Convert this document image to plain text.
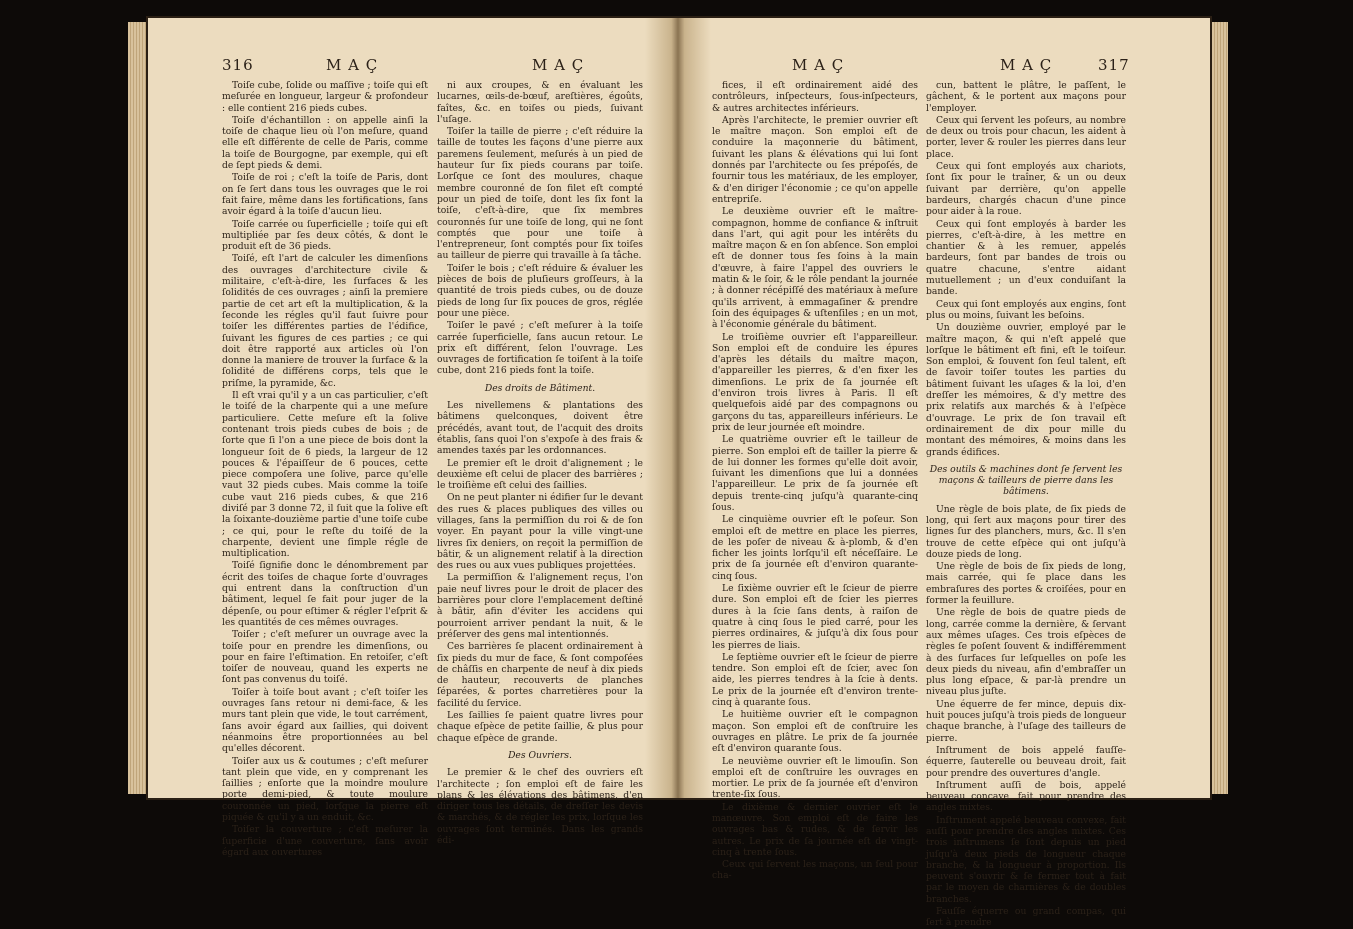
316	M A Ç	M A Ç

Toiſe cube, ſolide ou maſſive ; toiſe qui eſt meſurée en longueur, largeur & profondeur : elle contient 216 pieds cubes.

Toiſe d'échantillon : on appelle ainſi la toiſe de chaque lieu où l'on meſure, quand elle eſt différente de celle de Paris, comme la toiſe de Bourgogne, par exemple, qui eſt de ſept pieds & demi.

Toiſe de roi ; c'eſt la toiſe de Paris, dont on ſe ſert dans tous les ouvrages que le roi fait faire, même dans les fortifications, ſans avoir égard à la toiſe d'aucun lieu.

Toiſe carrée ou ſuperficielle ; toiſe qui eſt multipliée par ſes deux côtés, & dont le produit eſt de 36 pieds.

Toiſé, eſt l'art de calculer les dimenſions des ouvrages d'architecture civile & militaire, c'eſt-à-dire, les ſurfaces & les ſolidités de ces ouvrages ; ainſi la premiere partie de cet art eſt la multiplication, & la ſeconde les régles qu'il faut ſuivre pour toiſer les différentes parties de l'édifice, ſuivant les figures de ces parties ; ce qui doit être rapporté aux articles où l'on donne la maniere de trouver la ſurface & la ſolidité de différens corps, tels que le priſme, la pyramide, &c.

Il eſt vrai qu'il y a un cas particulier, c'eſt le toiſé de la charpente qui a une meſure particuliere. Cette meſure eſt la ſolive contenant trois pieds cubes de bois ; de ſorte que ſi l'on a une piece de bois dont la longueur ſoit de 6 pieds, la largeur de 12 pouces & l'épaiſſeur de 6 pouces, cette piece compoſera une ſolive, parce qu'elle vaut 32 pieds cubes. Mais comme la toiſe cube vaut 216 pieds cubes, & que 216 diviſé par 3 donne 72, il ſuit que la ſolive eſt la ſoixante-douzième partie d'une toiſe cube ; ce qui, pour le reſte du toiſé de la charpente, devient une ſimple régle de multiplication.

Toiſé ſignifie donc le dénombrement par écrit des toiſes de chaque ſorte d'ouvrages qui entrent dans la conſtruction d'un bâtiment, lequel ſe fait pour juger de la dépenſe, ou pour eſtimer & régler l'eſprit & les quantités de ces mêmes ouvrages.

Toiſer ; c'eſt meſurer un ouvrage avec la toiſe pour en prendre les dimenſions, ou pour en faire l'eſtimation. En retoiſer, c'eſt toiſer de nouveau, quand les experts ne ſont pas convenus du toiſé.

Toiſer à toiſe bout avant ; c'eſt toiſer les ouvrages ſans retour ni demi-face, & les murs tant plein que vide, le tout carrément, ſans avoir égard aux ſaillies, qui doivent néanmoins être proportionnées au bel qu'elles décorent.

Toiſer aux us & coutumes ; c'eſt meſurer tant plein que vide, en y comprenant les ſaillies ; enſorte que la moindre moulure porte demi-pied, & toute moulure couronnée un pied, lorſque la pierre eſt piquée & qu'il y a un enduit, &c.

Toiſer la couverture ; c'eſt meſurer la ſuperficie d'une couverture, ſans avoir égard aux ouvertures

ni aux croupes, & en évaluant les lucarnes, œils-de-bœuf, areſtières, égoûts, faîtes, &c. en toiſes ou pieds, ſuivant l'uſage.

Toiſer la taille de pierre ; c'eſt réduire la taille de toutes les façons d'une pierre aux paremens ſeulement, meſurés à un pied de hauteur ſur ſix pieds courans par toiſe. Lorſque ce ſont des moulures, chaque membre couronné de ſon filet eſt compté pour un pied de toiſe, dont les ſix font la toiſe, c'eſt-à-dire, que ſix membres couronnés ſur une toiſe de long, qui ne ſont comptés que pour une toiſe à l'entrepreneur, ſont comptés pour ſix toiſes au tailleur de pierre qui travaille à ſa tâche.

Toiſer le bois ; c'eſt réduire & évaluer les pièces de bois de pluſieurs groſſeurs, à la quantité de trois pieds cubes, ou de douze pieds de long ſur ſix pouces de gros, réglée pour une pièce.

Toiſer le pavé ; c'eſt meſurer à la toiſe carrée ſuperficielle, ſans aucun retour. Le prix eſt différent, ſelon l'ouvrage. Les ouvrages de fortification ſe toiſent à la toiſe cube, dont 216 pieds font la toiſe.

Des droits de Bâtiment.

Les nivellemens & plantations des bâtimens quelconques, doivent être précédés, avant tout, de l'acquit des droits établis, ſans quoi l'on s'expoſe à des frais & amendes taxés par les ordonnances.

Le premier eſt le droit d'alignement ; le deuxième eſt celui de placer des barrières ; le troiſième eſt celui des ſaillies.

On ne peut planter ni édifier ſur le devant des rues & places publiques des villes ou villages, ſans la permiſſion du roi & de ſon voyer. En payant pour la ville vingt-une livres ſix deniers, on reçoit la permiſſion de bâtir, & un alignement relatif à la direction des rues ou aux vues publiques projettées.

La permiſſion & l'alignement reçus, l'on paie neuf livres pour le droit de placer des barrières pour clore l'emplacement deſtiné à bâtir, afin d'éviter les accidens qui pourroient arriver pendant la nuit, & le préſerver des gens mal intentionnés.

Ces barrières ſe placent ordinairement à ſix pieds du mur de face, & ſont compoſées de châſſis en charpente de neuf à dix pieds de hauteur, recouverts de planches ſéparées, & portes charretières pour la facilité du ſervice.

Les ſaillies ſe paient quatre livres pour chaque eſpèce de petite ſaillie, & plus pour chaque eſpèce de grande.

Des Ouvriers.

Le premier & le chef des ouvriers eſt l'architecte ; ſon emploi eſt de faire les plans & les élévations des bâtimens, d'en diriger tous les détails, de dreſſer les devis & marchés, & de régler les prix, lorſque les ouvrages ſont terminés. Dans les grands édi-

M A Ç	M A Ç	317

fices, il eſt ordinairement aidé des contrôleurs, inſpecteurs, ſous-inſpecteurs, & autres architectes inférieurs.

Après l'architecte, le premier ouvrier eſt le maître maçon. Son emploi eſt de conduire la maçonnerie du bâtiment, ſuivant les plans & élévations qui lui ſont donnés par l'architecte ou ſes prépoſés, de fournir tous les matériaux, de les employer, & d'en diriger l'économie ; ce qu'on appelle entrepriſe.

Le deuxième ouvrier eſt le maître-compagnon, homme de confiance & inſtruit dans l'art, qui agit pour les intérêts du maître maçon & en ſon abſence. Son emploi eſt de donner tous ſes ſoins à la main d'œuvre, à faire l'appel des ouvriers le matin & le ſoir, & le rôle pendant la journée ; à donner récépiſſé des matériaux à meſure qu'ils arrivent, à emmagaſiner & prendre ſoin des équipages & uſtenſiles ; en un mot, à l'économie générale du bâtiment.

Le troiſième ouvrier eſt l'appareilleur. Son emploi eſt de conduire les épures d'après les détails du maître maçon, d'appareiller les pierres, & d'en fixer les dimenſions. Le prix de ſa journée eſt d'environ trois livres à Paris. Il eſt quelquefois aidé par des compagnons ou garçons du tas, appareilleurs inférieurs. Le prix de leur journée eſt moindre.

Le quatrième ouvrier eſt le tailleur de pierre. Son emploi eſt de tailler la pierre & de lui donner les formes qu'elle doit avoir, ſuivant les dimenſions que lui a données l'appareilleur. Le prix de ſa journée eſt depuis trente-cinq juſqu'à quarante-cinq ſous.

Le cinquième ouvrier eſt le poſeur. Son emploi eſt de mettre en place les pierres, de les poſer de niveau & à-plomb, & d'en ficher les joints lorſqu'il eſt néceſſaire. Le prix de ſa journée eſt d'environ quarante-cinq ſous.

Le ſixième ouvrier eſt le ſcieur de pierre dure. Son emploi eſt de ſcier les pierres dures à la ſcie ſans dents, à raiſon de quatre à cinq ſous le pied carré, pour les pierres ordinaires, & juſqu'à dix ſous pour les pierres de liais.

Le ſeptième ouvrier eſt le ſcieur de pierre tendre. Son emploi eſt de ſcier, avec ſon aide, les pierres tendres à la ſcie à dents. Le prix de la journée eſt d'environ trente-cinq à quarante ſous.

Le huitième ouvrier eſt le compagnon maçon. Son emploi eſt de conſtruire les ouvrages en plâtre. Le prix de ſa journée eſt d'environ quarante ſous.

Le neuvième ouvrier eſt le limouſin. Son emploi eſt de conſtruire les ouvrages en mortier. Le prix de ſa journée eſt d'environ trente-ſix ſous.

Le dixième & dernier ouvrier eſt le manœuvre. Son emploi eſt de faire les ouvrages bas & rudes, & de ſervir les autres. Le prix de ſa journée eſt de vingt-cinq à trente ſous.

Ceux qui ſervent les maçons, un ſeul pour cha-

cun, battent le plâtre, le paſſent, le gâchent, & le portent aux maçons pour l'employer.

Ceux qui ſervent les poſeurs, au nombre de deux ou trois pour chacun, les aident à porter, lever & rouler les pierres dans leur place.

Ceux qui ſont employés aux chariots, ſont ſix pour le traîner, & un ou deux ſuivant par derrière, qu'on appelle bardeurs, chargés chacun d'une pince pour aider à la roue.

Ceux qui ſont employés à barder les pierres, c'eſt-à-dire, à les mettre en chantier & à les remuer, appelés bardeurs, ſont par bandes de trois ou quatre chacune, s'entre aidant mutuellement ; un d'eux conduiſant la bande.

Ceux qui ſont employés aux engins, ſont plus ou moins, ſuivant les beſoins.

Un douzième ouvrier, employé par le maître maçon, & qui n'eſt appelé que lorſque le bâtiment eſt fini, eſt le toiſeur. Son emploi, & ſouvent ſon ſeul talent, eſt de ſavoir toiſer toutes les parties du bâtiment ſuivant les uſages & la loi, d'en dreſſer les mémoires, & d'y mettre des prix relatifs aux marchés & à l'eſpèce d'ouvrage. Le prix de ſon travail eſt ordinairement de dix pour mille du montant des mémoires, & moins dans les grands édifices.

Des outils & machines dont ſe ſervent les maçons & tailleurs de pierre dans les bâtimens.

Une règle de bois plate, de ſix pieds de long, qui ſert aux maçons pour tirer des lignes ſur des planchers, murs, &c. Il s'en trouve de cette eſpèce qui ont juſqu'à douze pieds de long.

Une règle de bois de ſix pieds de long, mais carrée, qui ſe place dans les embraſures des portes & croiſées, pour en former la feuillure.

Une règle de bois de quatre pieds de long, carrée comme la dernière, & ſervant aux mêmes uſages. Ces trois eſpèces de règles ſe poſent ſouvent & indifféremment à des ſurfaces ſur leſquelles on poſe les deux pieds du niveau, afin d'embraſſer un plus long eſpace, & par-là prendre un niveau plus juſte.

Une équerre de fer mince, depuis dix-huit pouces juſqu'à trois pieds de longueur chaque branche, à l'uſage des tailleurs de pierre.

Inſtrument de bois appelé fauſſe-équerre, ſauterelle ou beuveau droit, fait pour prendre des ouvertures d'angle.

Inſtrument auſſi de bois, appelé beuveau concave, fait pour prendre des angles mixtes.

Inſtrument appelé beuveau convexe, fait auſſi pour prendre des angles mixtes. Ces trois inſtrumens ſe ſont depuis un pied juſqu'à deux pieds de longueur chaque branche, & la longueur à proportion. Ils peuvent s'ouvrir & ſe fermer tout à fait par le moyen de charnières & de doubles branches.

Fauſſe équerre ou grand compas, qui ſert à prendre
